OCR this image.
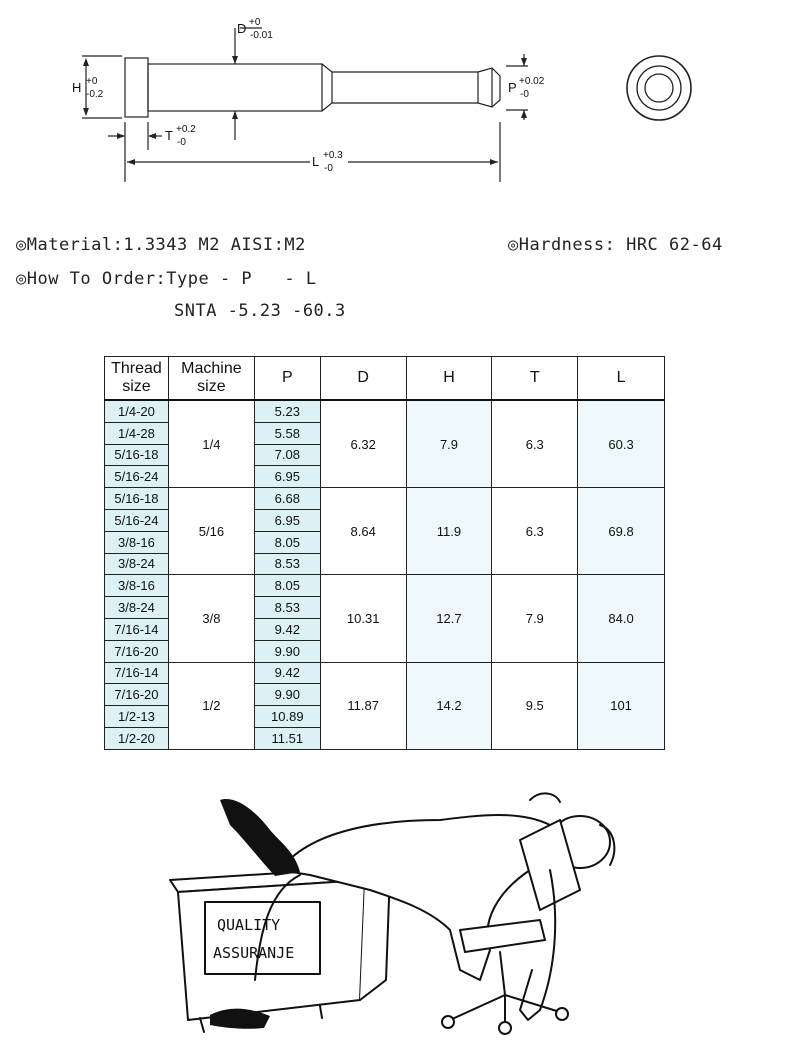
D +0
-0.01
H +0
-0.2	P +0.02
-0
T +0.2
-0
L +0.3
-0
◎Material:1.3343 M2 AISI:M2	◎Hardness: HRC 62-64
◎How To Order:Type - P   - L
SNTA -5.23 -60.3
Thread
size	Machine
size	P	D	H	T	L
1/4-20	1/4	5.23	6.32	7.9	6.3	60.3
1/4-28		5.58				
5/16-18		7.08				
5/16-24		6.95				
5/16-18	5/16	6.68	8.64	11.9	6.3	69.8
5/16-24		6.95				
3/8-16		8.05				
3/8-24		8.53				
3/8-16	3/8	8.05	10.31	12.7	7.9	84.0
3/8-24		8.53				
7/16-14		9.42				
7/16-20		9.90				
7/16-14	1/2	9.42	11.87	14.2	9.5	101
7/16-20		9.90				
1/2-13		10.89				
1/2-20		11.51				
QUALITY
ASSURANJE
